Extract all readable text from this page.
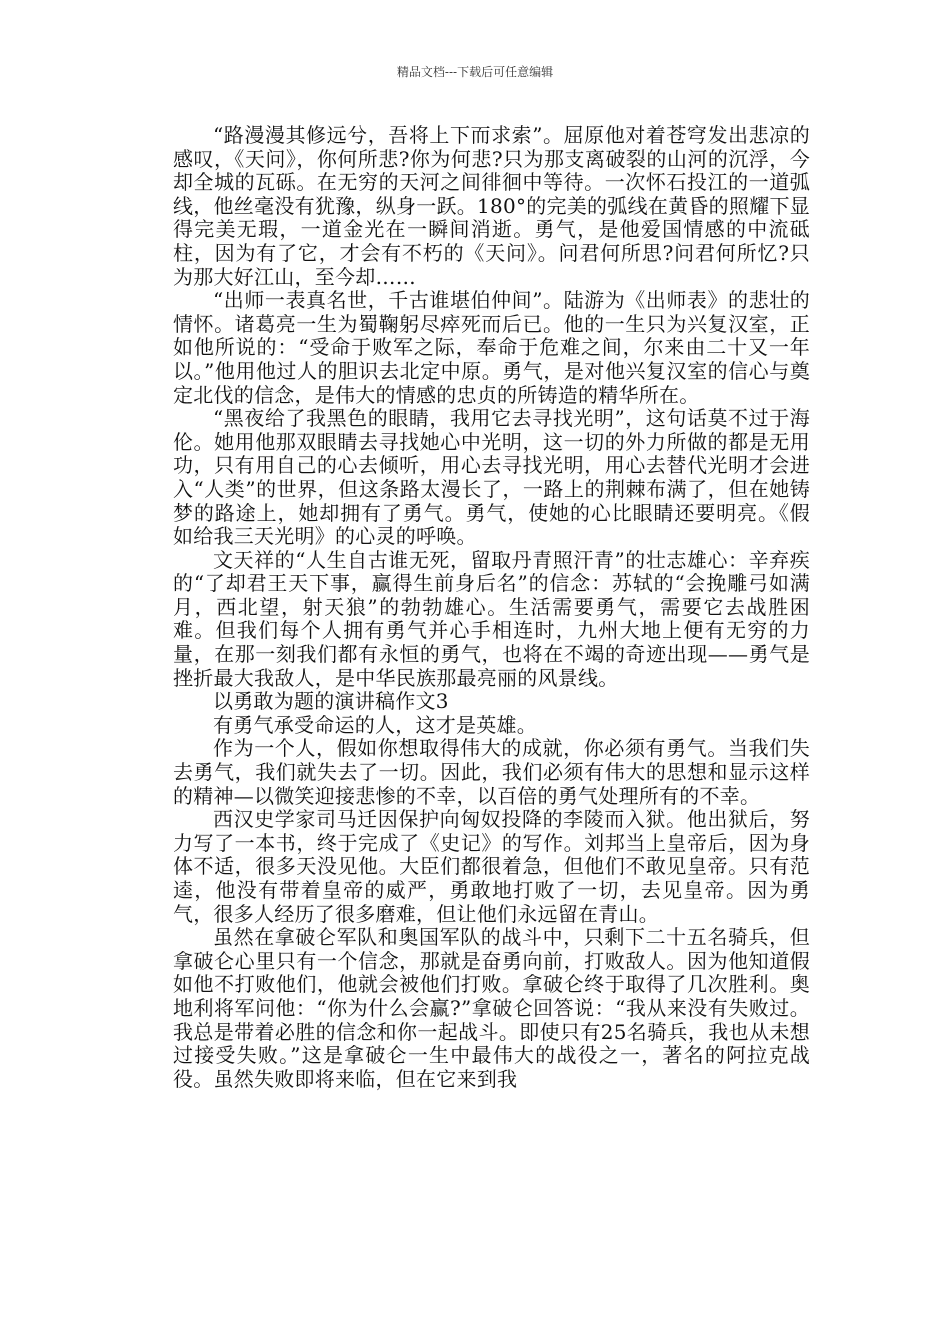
精品文档---下载后可任意编辑

“路漫漫其修远兮，吾将上下而求索”。屈原他对着苍穹发出悲凉的感叹，《天问》，你何所悲?你为何悲?只为那支离破裂的山河的沉浮，今却全城的瓦砾。在无穷的天河之间徘徊中等待。一次怀石投江的一道弧线，他丝毫没有犹豫，纵身一跃。180°的完美的弧线在黄昏的照耀下显得完美无瑕，一道金光在一瞬间消逝。勇气，是他爱国情感的中流砥柱，因为有了它，才会有不朽的《天问》。问君何所思?问君何所忆?只为那大好江山，至今却……

“出师一表真名世，千古谁堪伯仲间”。陆游为《出师表》的悲壮的情怀。诸葛亮一生为蜀鞠躬尽瘁死而后已。他的一生只为兴复汉室，正如他所说的：“受命于败军之际，奉命于危难之间，尔来由二十又一年以。”他用他过人的胆识去北定中原。勇气，是对他兴复汉室的信心与奠定北伐的信念，是伟大的情感的忠贞的所铸造的精华所在。

“黑夜给了我黑色的眼睛，我用它去寻找光明”，这句话莫不过于海伦。她用他那双眼睛去寻找她心中光明，这一切的外力所做的都是无用功，只有用自己的心去倾听，用心去寻找光明，用心去替代光明才会进入“人类”的世界，但这条路太漫长了，一路上的荆棘布满了，但在她铸梦的路途上，她却拥有了勇气。勇气，使她的心比眼睛还要明亮。《假如给我三天光明》的心灵的呼唤。

文天祥的“人生自古谁无死，留取丹青照汗青”的壮志雄心：辛弃疾的“了却君王天下事，赢得生前身后名”的信念：苏轼的“会挽雕弓如满月，西北望，射天狼”的勃勃雄心。生活需要勇气，需要它去战胜困难。但我们每个人拥有勇气并心手相连时，九州大地上便有无穷的力量，在那一刻我们都有永恒的勇气，也将在不竭的奇迹出现——勇气是挫折最大我敌人，是中华民族那最亮丽的风景线。

以勇敢为题的演讲稿作文3

有勇气承受命运的人，这才是英雄。

作为一个人，假如你想取得伟大的成就，你必须有勇气。当我们失去勇气，我们就失去了一切。因此，我们必须有伟大的思想和显示这样的精神—以微笑迎接悲惨的不幸，以百倍的勇气处理所有的不幸。

西汉史学家司马迁因保护向匈奴投降的李陵而入狱。他出狱后，努力写了一本书，终于完成了《史记》的写作。刘邦当上皇帝后，因为身体不适，很多天没见他。大臣们都很着急，但他们不敢见皇帝。只有范逵，他没有带着皇帝的威严，勇敢地打败了一切，去见皇帝。因为勇气，很多人经历了很多磨难，但让他们永远留在青山。

虽然在拿破仑军队和奥国军队的战斗中，只剩下二十五名骑兵，但拿破仑心里只有一个信念，那就是奋勇向前，打败敌人。因为他知道假如他不打败他们，他就会被他们打败。拿破仑终于取得了几次胜利。奥地利将军问他：“你为什么会赢?”拿破仑回答说：“我从来没有失败过。我总是带着必胜的信念和你一起战斗。即使只有25名骑兵，我也从未想过接受失败。”这是拿破仑一生中最伟大的战役之一，著名的阿拉克战役。虽然失败即将来临，但在它来到我
